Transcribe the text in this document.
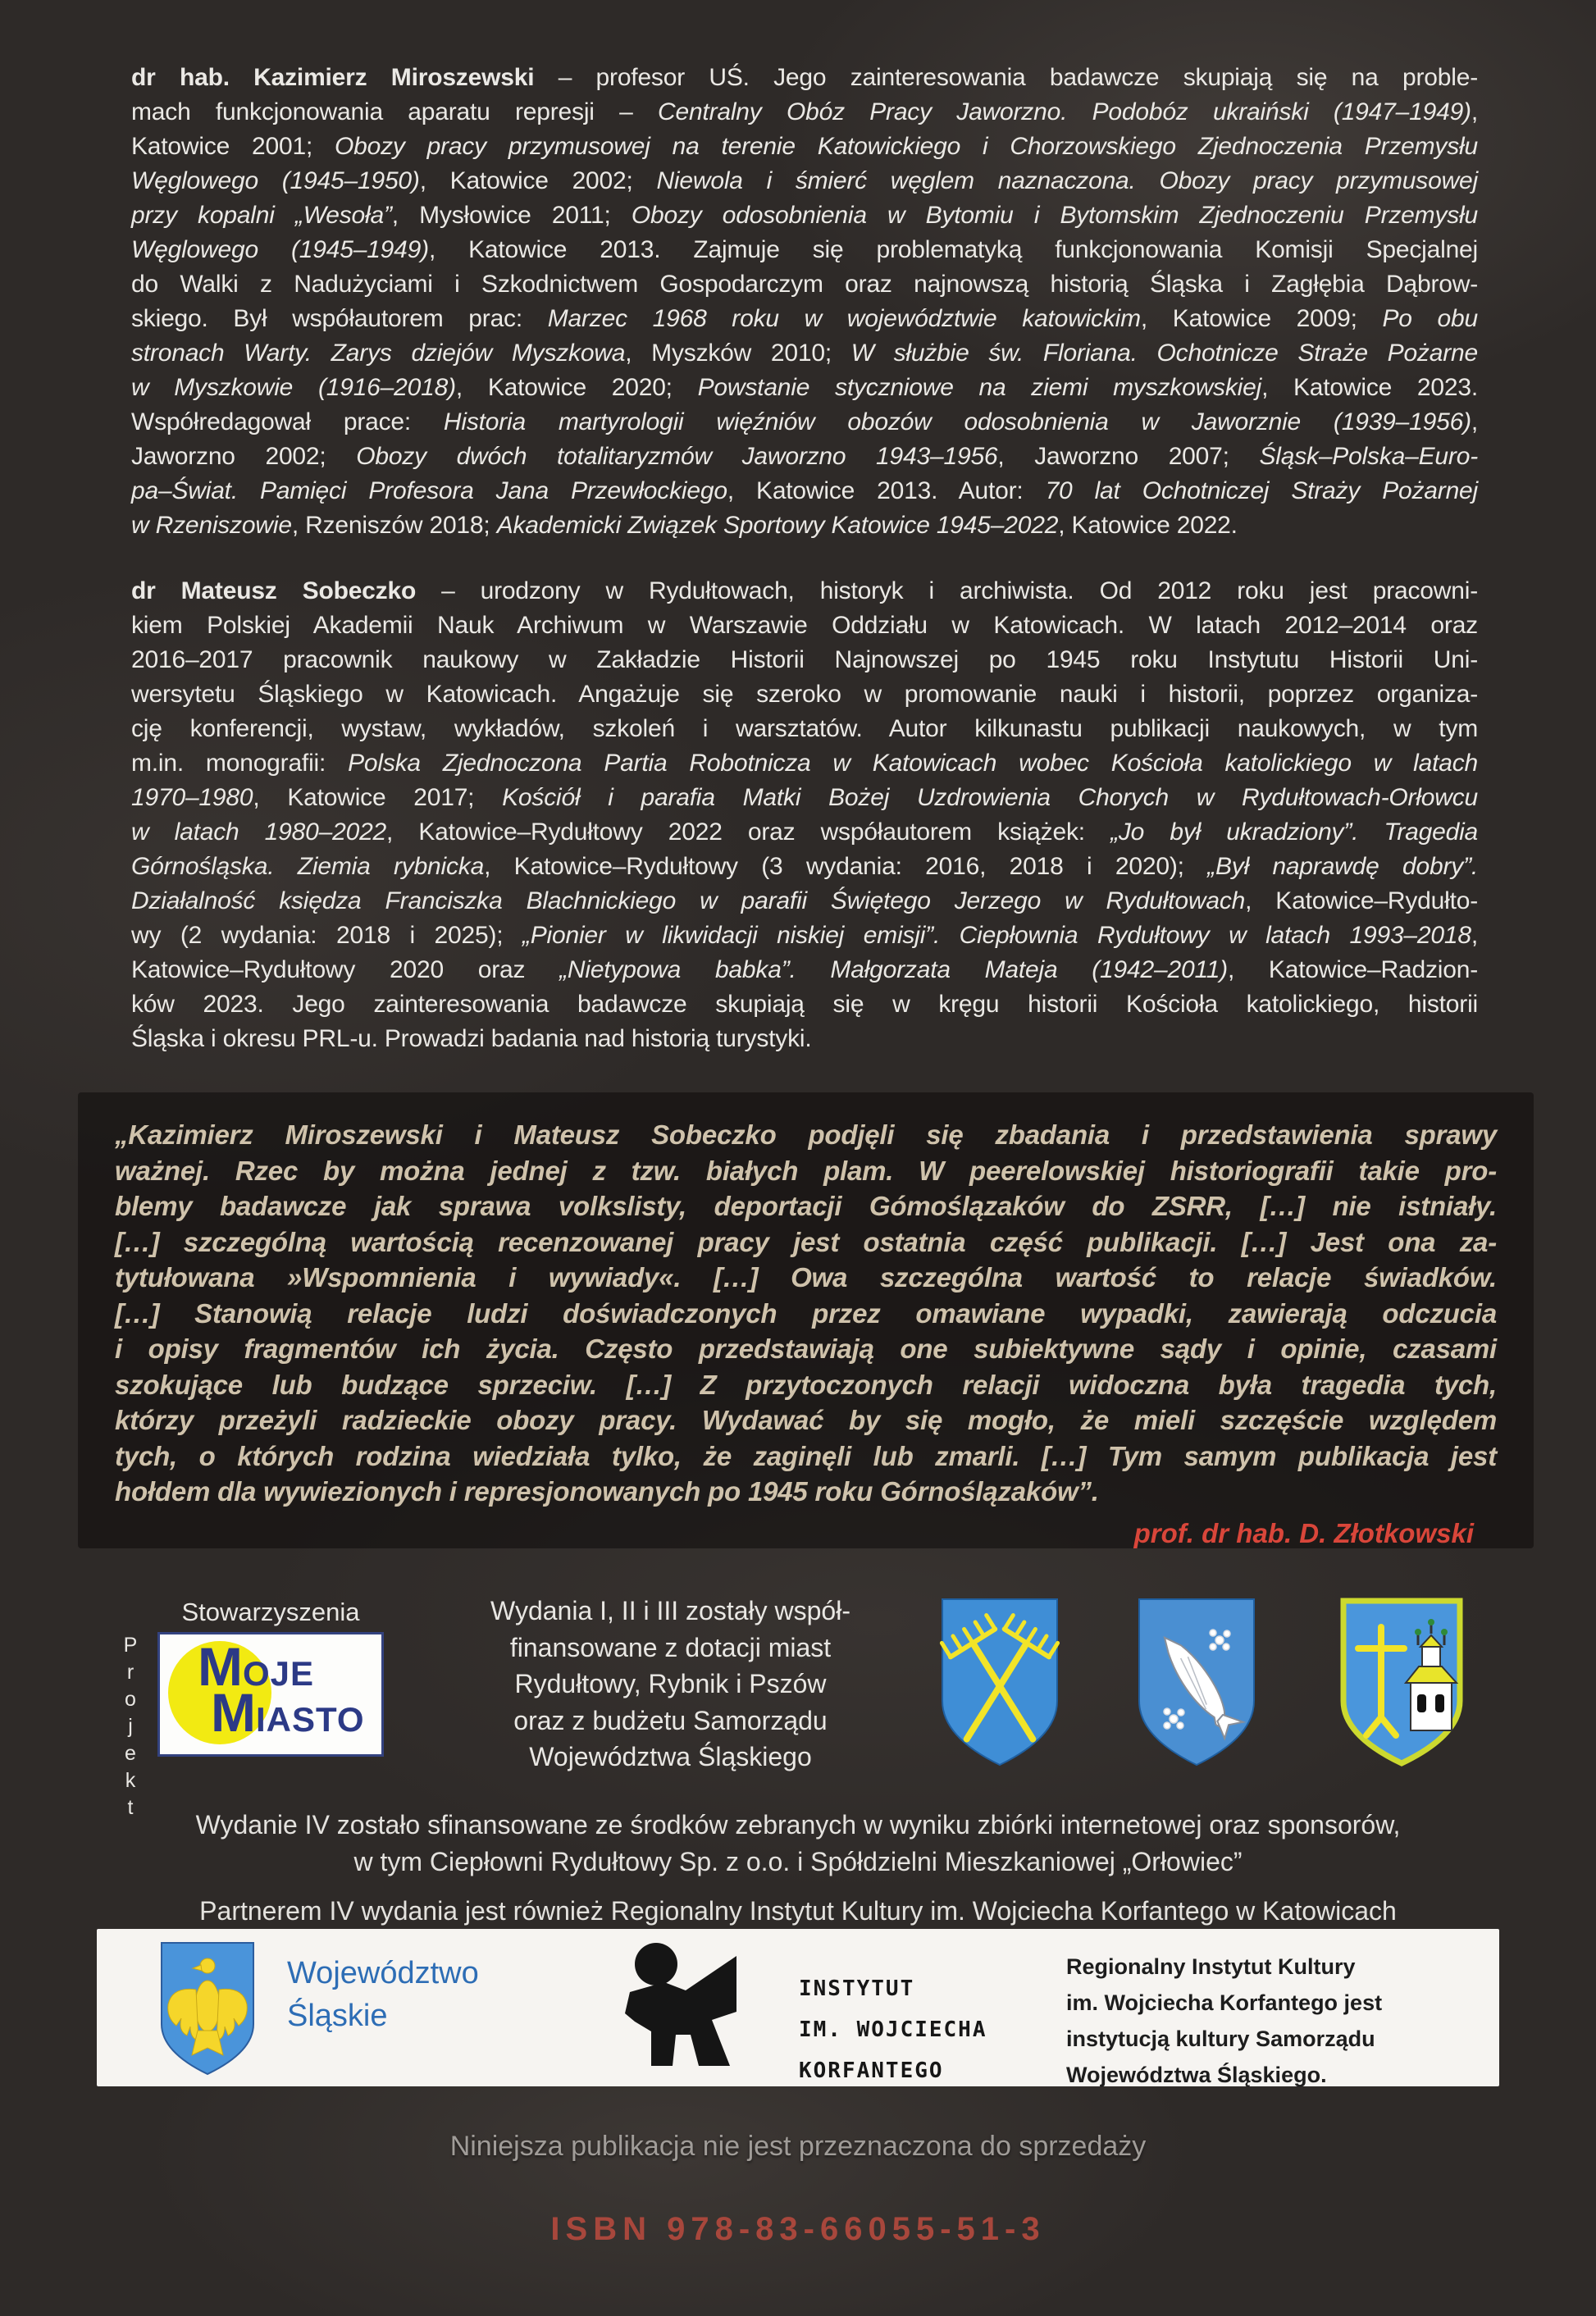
dr hab. Kazimierz Miroszewski – profesor UŚ. Jego zainteresowania badawcze skupiają się na proble-
mach funkcjonowania aparatu represji – Centralny Obóz Pracy Jaworzno. Podobóz ukraiński (1947–1949),
Katowice 2001; Obozy pracy przymusowej na terenie Katowickiego i Chorzowskiego Zjednoczenia Przemysłu
Węglowego (1945–1950), Katowice 2002; Niewola i śmierć węglem naznaczona. Obozy pracy przymusowej
przy kopalni „Wesoła”, Mysłowice 2011; Obozy odosobnienia w Bytomiu i Bytomskim Zjednoczeniu Przemysłu
Węglowego (1945–1949), Katowice 2013. Zajmuje się problematyką funkcjonowania Komisji Specjalnej
do Walki z Nadużyciami i Szkodnictwem Gospodarczym oraz najnowszą historią Śląska i Zagłębia Dąbrow-
skiego. Był współautorem prac: Marzec 1968 roku w województwie katowickim, Katowice 2009; Po obu
stronach Warty. Zarys dziejów Myszkowa, Myszków 2010; W służbie św. Floriana. Ochotnicze Straże Pożarne
w Myszkowie (1916–2018), Katowice 2020; Powstanie styczniowe na ziemi myszkowskiej, Katowice 2023.
Współredagował prace: Historia martyrologii więźniów obozów odosobnienia w Jaworznie (1939–1956),
Jaworzno 2002; Obozy dwóch totalitaryzmów Jaworzno 1943–1956, Jaworzno 2007; Śląsk–Polska–Euro-
pa–Świat. Pamięci Profesora Jana Przewłockiego, Katowice 2013. Autor: 70 lat Ochotniczej Straży Pożarnej
w Rzeniszowie, Rzeniszów 2018; Akademicki Związek Sportowy Katowice 1945–2022, Katowice 2022.
dr Mateusz Sobeczko – urodzony w Rydułtowach, historyk i archiwista. Od 2012 roku jest pracowni-
kiem Polskiej Akademii Nauk Archiwum w Warszawie Oddziału w Katowicach. W latach 2012–2014 oraz
2016–2017 pracownik naukowy w Zakładzie Historii Najnowszej po 1945 roku Instytutu Historii Uni-
wersytetu Śląskiego w Katowicach. Angażuje się szeroko w promowanie nauki i historii, poprzez organiza-
cję konferencji, wystaw, wykładów, szkoleń i warsztatów. Autor kilkunastu publikacji naukowych, w tym
m.in. monografii: Polska Zjednoczona Partia Robotnicza w Katowicach wobec Kościoła katolickiego w latach
1970–1980, Katowice 2017; Kościół i parafia Matki Bożej Uzdrowienia Chorych w Rydułtowach-Orłowcu
w latach 1980–2022, Katowice–Rydułtowy 2022 oraz współautorem książek: „Jo był ukradziony”. Tragedia
Górnośląska. Ziemia rybnicka, Katowice–Rydułtowy (3 wydania: 2016, 2018 i 2020); „Był naprawdę dobry”.
Działalność księdza Franciszka Blachnickiego w parafii Świętego Jerzego w Rydułtowach, Katowice–Rydułto-
wy (2 wydania: 2018 i 2025); „Pionier w likwidacji niskiej emisji”. Ciepłownia Rydułtowy w latach 1993–2018,
Katowice–Rydułtowy 2020 oraz „Nietypowa babka”. Małgorzata Mateja (1942–2011), Katowice–Radzion-
ków 2023. Jego zainteresowania badawcze skupiają się w kręgu historii Kościoła katolickiego, historii
Śląska i okresu PRL-u. Prowadzi badania nad historią turystyki.
„Kazimierz Miroszewski i Mateusz Sobeczko podjęli się zbadania i przedstawienia sprawy
ważnej. Rzec by można jednej z tzw. białych plam. W peerelowskiej historiografii takie pro-
blemy badawcze jak sprawa volkslisty, deportacji Gómoślązaków do ZSRR, […] nie istniały.
[…] szczególną wartością recenzowanej pracy jest ostatnia część publikacji. […] Jest ona za-
tytułowana »Wspomnienia i wywiady«. […] Owa szczególna wartość to relacje świadków.
[…] Stanowią relacje ludzi doświadczonych przez omawiane wypadki, zawierają odczucia
i opisy fragmentów ich życia. Często przedstawiają one subiektywne sądy i opinie, czasami
szokujące lub budzące sprzeciw. […] Z przytoczonych relacji widoczna była tragedia tych,
którzy przeżyli radzieckie obozy pracy. Wydawać by się mogło, że mieli szczęście względem
tych, o których rodzina wiedziała tylko, że zaginęli lub zmarli. […] Tym samym publikacja jest
hołdem dla wywiezionych i represjonowanych po 1945 roku Górnoślązaków”.
prof. dr hab. D. Złotkowski
Stowarzyszenia
Projekt M OJE
M IASTO
Wydania I, II i III zostały współ-
finansowane z dotacji miast
Rydułtowy, Rybnik i Pszów
oraz z budżetu Samorządu
Województwa Śląskiego
Wydanie IV zostało sfinansowane ze środków zebranych w wyniku zbiórki internetowej oraz sponsorów,
w tym Ciepłowni Rydułtowy Sp. z o.o. i Spółdzielni Mieszkaniowej „Orłowiec”
Partnerem IV wydania jest również Regionalny Instytut Kultury im. Wojciecha Korfantego w Katowicach
Województwo
Śląskie
INSTYTUT
IM. WOJCIECHA
KORFANTEGO
Regionalny Instytut Kultury
im. Wojciecha Korfantego jest
instytucją kultury Samorządu
Województwa Śląskiego.
Niniejsza publikacja nie jest przeznaczona do sprzedaży
ISBN 978-83-66055-51-3
